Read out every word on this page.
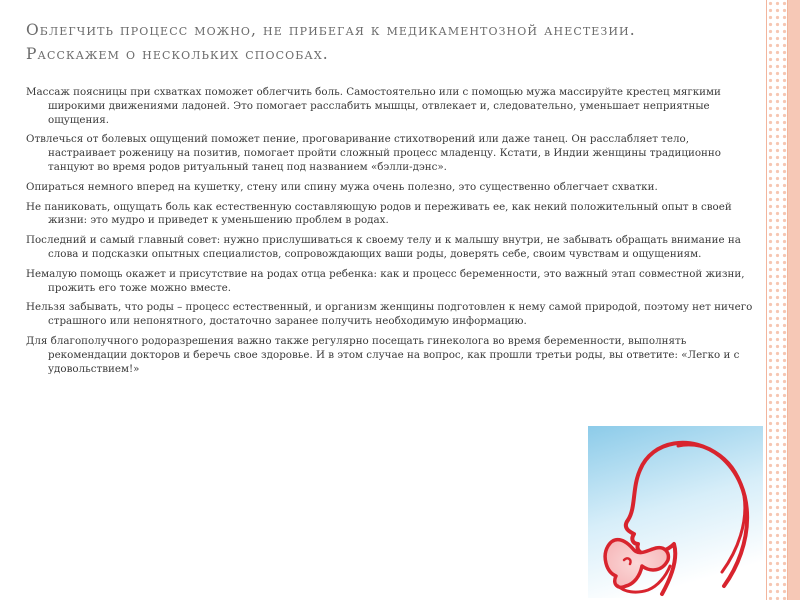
Облегчить процесс можно, не прибегая к медикаментозной анестезии.
Расскажем о нескольких способах.

Массаж поясницы при схватках поможет облегчить боль. Самостоятельно или с помощью мужа массируйте крестец мягкими широкими движениями ладоней. Это помогает расслабить мышцы, отвлекает и, следовательно, уменьшает неприятные ощущения.

Отвлечься от болевых ощущений поможет пение, проговаривание стихотворений или даже танец. Он расслабляет тело, настраивает роженицу на позитив, помогает пройти сложный процесс младенцу. Кстати, в Индии женщины традиционно танцуют во время родов ритуальный танец под названием «бэлли-дэнс».

Опираться немного вперед на кушетку, стену или спину мужа очень полезно, это существенно облегчает схватки.

Не паниковать, ощущать боль как естественную составляющую родов и переживать ее, как некий положительный опыт в своей жизни: это мудро и приведет к уменьшению проблем в родах.

Последний и самый главный совет: нужно прислушиваться к своему телу и к малышу внутри, не забывать обращать внимание на слова и подсказки опытных специалистов, сопровождающих ваши роды, доверять себе, своим чувствам и ощущениям.

Немалую помощь окажет и присутствие на родах отца ребенка: как и процесс беременности, это важный этап совместной жизни, прожить его тоже можно вместе.

Нельзя забывать, что роды – процесс естественный, и организм женщины подготовлен к нему самой природой, поэтому нет ничего страшного или непонятного, достаточно заранее получить необходимую информацию.

Для благополучного родоразрешения важно также регулярно посещать гинеколога во время беременности, выполнять рекомендации докторов и беречь свое здоровье. И в этом случае на вопрос, как прошли третьи роды, вы ответите: «Легко и с удовольствием!»
